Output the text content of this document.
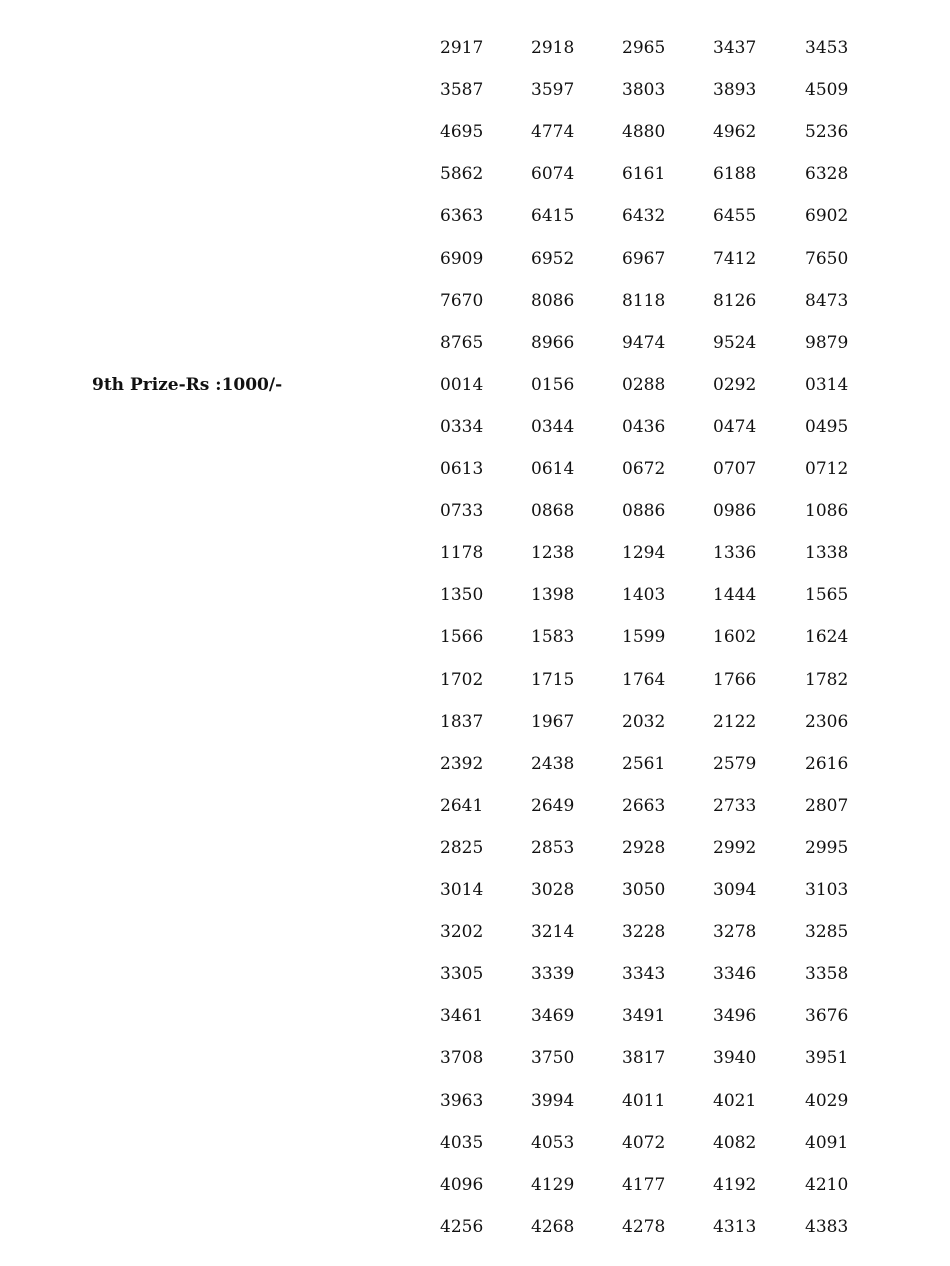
2917	2918	2965	3437	3453
3587	3597	3803	3893	4509
4695	4774	4880	4962	5236
5862	6074	6161	6188	6328
6363	6415	6432	6455	6902
6909	6952	6967	7412	7650
7670	8086	8118	8126	8473
8765	8966	9474	9524	9879
9th Prize-Rs :1000/-	0014	0156	0288	0292	0314
0334	0344	0436	0474	0495
0613	0614	0672	0707	0712
0733	0868	0886	0986	1086
1178	1238	1294	1336	1338
1350	1398	1403	1444	1565
1566	1583	1599	1602	1624
1702	1715	1764	1766	1782
1837	1967	2032	2122	2306
2392	2438	2561	2579	2616
2641	2649	2663	2733	2807
2825	2853	2928	2992	2995
3014	3028	3050	3094	3103
3202	3214	3228	3278	3285
3305	3339	3343	3346	3358
3461	3469	3491	3496	3676
3708	3750	3817	3940	3951
3963	3994	4011	4021	4029
4035	4053	4072	4082	4091
4096	4129	4177	4192	4210
4256	4268	4278	4313	4383
